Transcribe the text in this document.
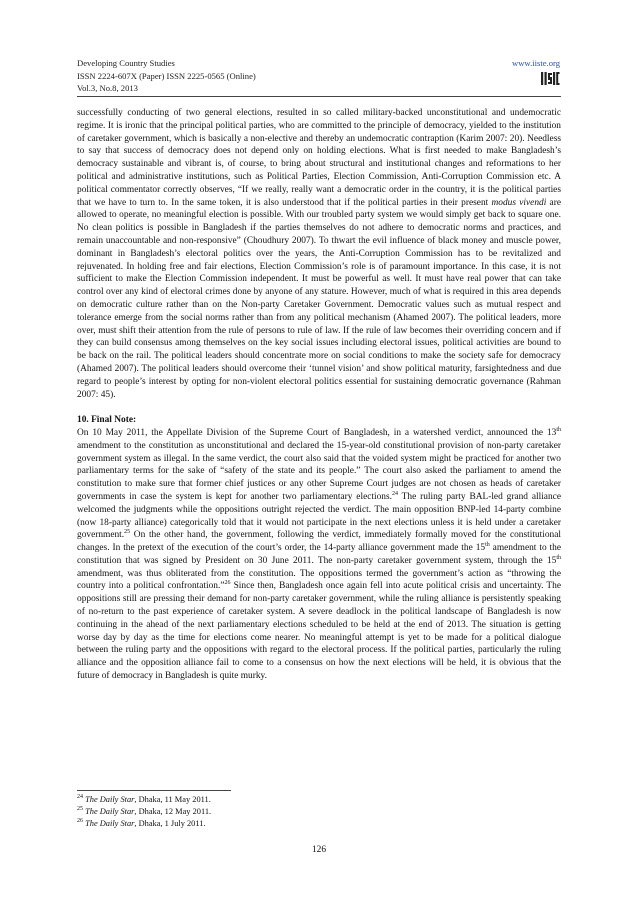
Developing Country Studies
ISSN 2224-607X (Paper) ISSN 2225-0565 (Online)
Vol.3, No.8, 2013
www.iiste.org

successfully conducting of two general elections, resulted in so called military-backed unconstitutional and undemocratic regime. It is ironic that the principal political parties, who are committed to the principle of democracy, yielded to the institution of caretaker government, which is basically a non-elective and thereby an undemocratic contraption (Karim 2007: 20). Needless to say that success of democracy does not depend only on holding elections. What is first needed to make Bangladesh’s democracy sustainable and vibrant is, of course, to bring about structural and institutional changes and reformations to her political and administrative institutions, such as Political Parties, Election Commission, Anti-Corruption Commission etc. A political commentator correctly observes, “If we really, really want a democratic order in the country, it is the political parties that we have to turn to. In the same token, it is also understood that if the political parties in their present modus vivendi are allowed to operate, no meaningful election is possible. With our troubled party system we would simply get back to square one. No clean politics is possible in Bangladesh if the parties themselves do not adhere to democratic norms and practices, and remain unaccountable and non-responsive” (Choudhury 2007). To thwart the evil influence of black money and muscle power, dominant in Bangladesh’s electoral politics over the years, the Anti-Corruption Commission has to be revitalized and rejuvenated. In holding free and fair elections, Election Commission’s role is of paramount importance. In this case, it is not sufficient to make the Election Commission independent. It must be powerful as well. It must have real power that can take control over any kind of electoral crimes done by anyone of any stature. However, much of what is required in this area depends on democratic culture rather than on the Non-party Caretaker Government. Democratic values such as mutual respect and tolerance emerge from the social norms rather than from any political mechanism (Ahamed 2007). The political leaders, more over, must shift their attention from the rule of persons to rule of law. If the rule of law becomes their overriding concern and if they can build consensus among themselves on the key social issues including electoral issues, political activities are bound to be back on the rail. The political leaders should concentrate more on social conditions to make the society safe for democracy (Ahamed 2007). The political leaders should overcome their ‘tunnel vision’ and show political maturity, farsightedness and due regard to people’s interest by opting for non-violent electoral politics essential for sustaining democratic governance (Rahman 2007: 45).

10. Final Note:

On 10 May 2011, the Appellate Division of the Supreme Court of Bangladesh, in a watershed verdict, announced the 13th amendment to the constitution as unconstitutional and declared the 15-year-old constitutional provision of non-party caretaker government system as illegal. In the same verdict, the court also said that the voided system might be practiced for another two parliamentary terms for the sake of “safety of the state and its people.” The court also asked the parliament to amend the constitution to make sure that former chief justices or any other Supreme Court judges are not chosen as heads of caretaker governments in case the system is kept for another two parliamentary elections.$^{24}$ The ruling party BAL-led grand alliance welcomed the judgments while the oppositions outright rejected the verdict. The main opposition BNP-led 14-party combine (now 18-party alliance) categorically told that it would not participate in the next elections unless it is held under a caretaker government.$^{25}$ On the other hand, the government, following the verdict, immediately formally moved for the constitutional changes. In the pretext of the execution of the court’s order, the 14-party alliance government made the 15th amendment to the constitution that was signed by President on 30 June 2011. The non-party caretaker government system, through the 15th amendment, was thus obliterated from the constitution. The oppositions termed the government’s action as “throwing the country into a political confrontation.”$^{26}$ Since then, Bangladesh once again fell into acute political crisis and uncertainty. The oppositions still are pressing their demand for non-party caretaker government, while the ruling alliance is persistently speaking of no-return to the past experience of caretaker system. A severe deadlock in the political landscape of Bangladesh is now continuing in the ahead of the next parliamentary elections scheduled to be held at the end of 2013. The situation is getting worse day by day as the time for elections come nearer. No meaningful attempt is yet to be made for a political dialogue between the ruling party and the oppositions with regard to the electoral process. If the political parties, particularly the ruling alliance and the opposition alliance fail to come to a consensus on how the next elections will be held, it is obvious that the future of democracy in Bangladesh is quite murky.

$^{24}$ The Daily Star, Dhaka, 11 May 2011.
$^{25}$ The Daily Star, Dhaka, 12 May 2011.
$^{26}$ The Daily Star, Dhaka, 1 July 2011.
126
